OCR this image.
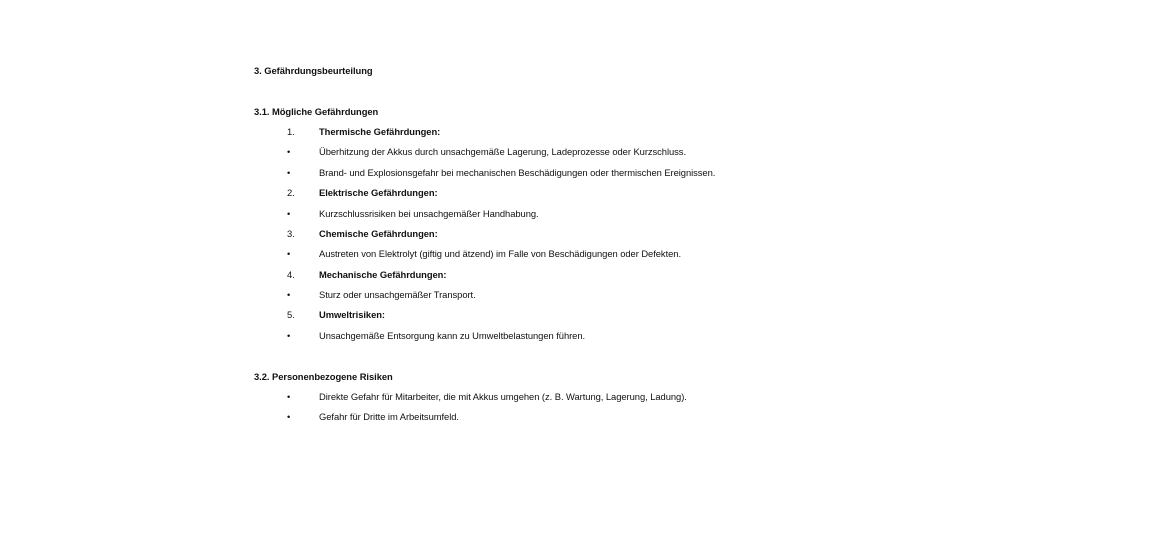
3. Gefährdungsbeurteilung
3.1. Mögliche Gefährdungen
1.	Thermische Gefährdungen:
•	Überhitzung der Akkus durch unsachgemäße Lagerung, Ladeprozesse oder Kurzschluss.
•	Brand- und Explosionsgefahr bei mechanischen Beschädigungen oder thermischen Ereignissen.
2.	Elektrische Gefährdungen:
•	Kurzschlussrisiken bei unsachgemäßer Handhabung.
3.	Chemische Gefährdungen:
•	Austreten von Elektrolyt (giftig und ätzend) im Falle von Beschädigungen oder Defekten.
4.	Mechanische Gefährdungen:
•	Sturz oder unsachgemäßer Transport.
5.	Umweltrisiken:
•	Unsachgemäße Entsorgung kann zu Umweltbelastungen führen.
3.2. Personenbezogene Risiken
•	Direkte Gefahr für Mitarbeiter, die mit Akkus umgehen (z. B. Wartung, Lagerung, Ladung).
•	Gefahr für Dritte im Arbeitsumfeld.
